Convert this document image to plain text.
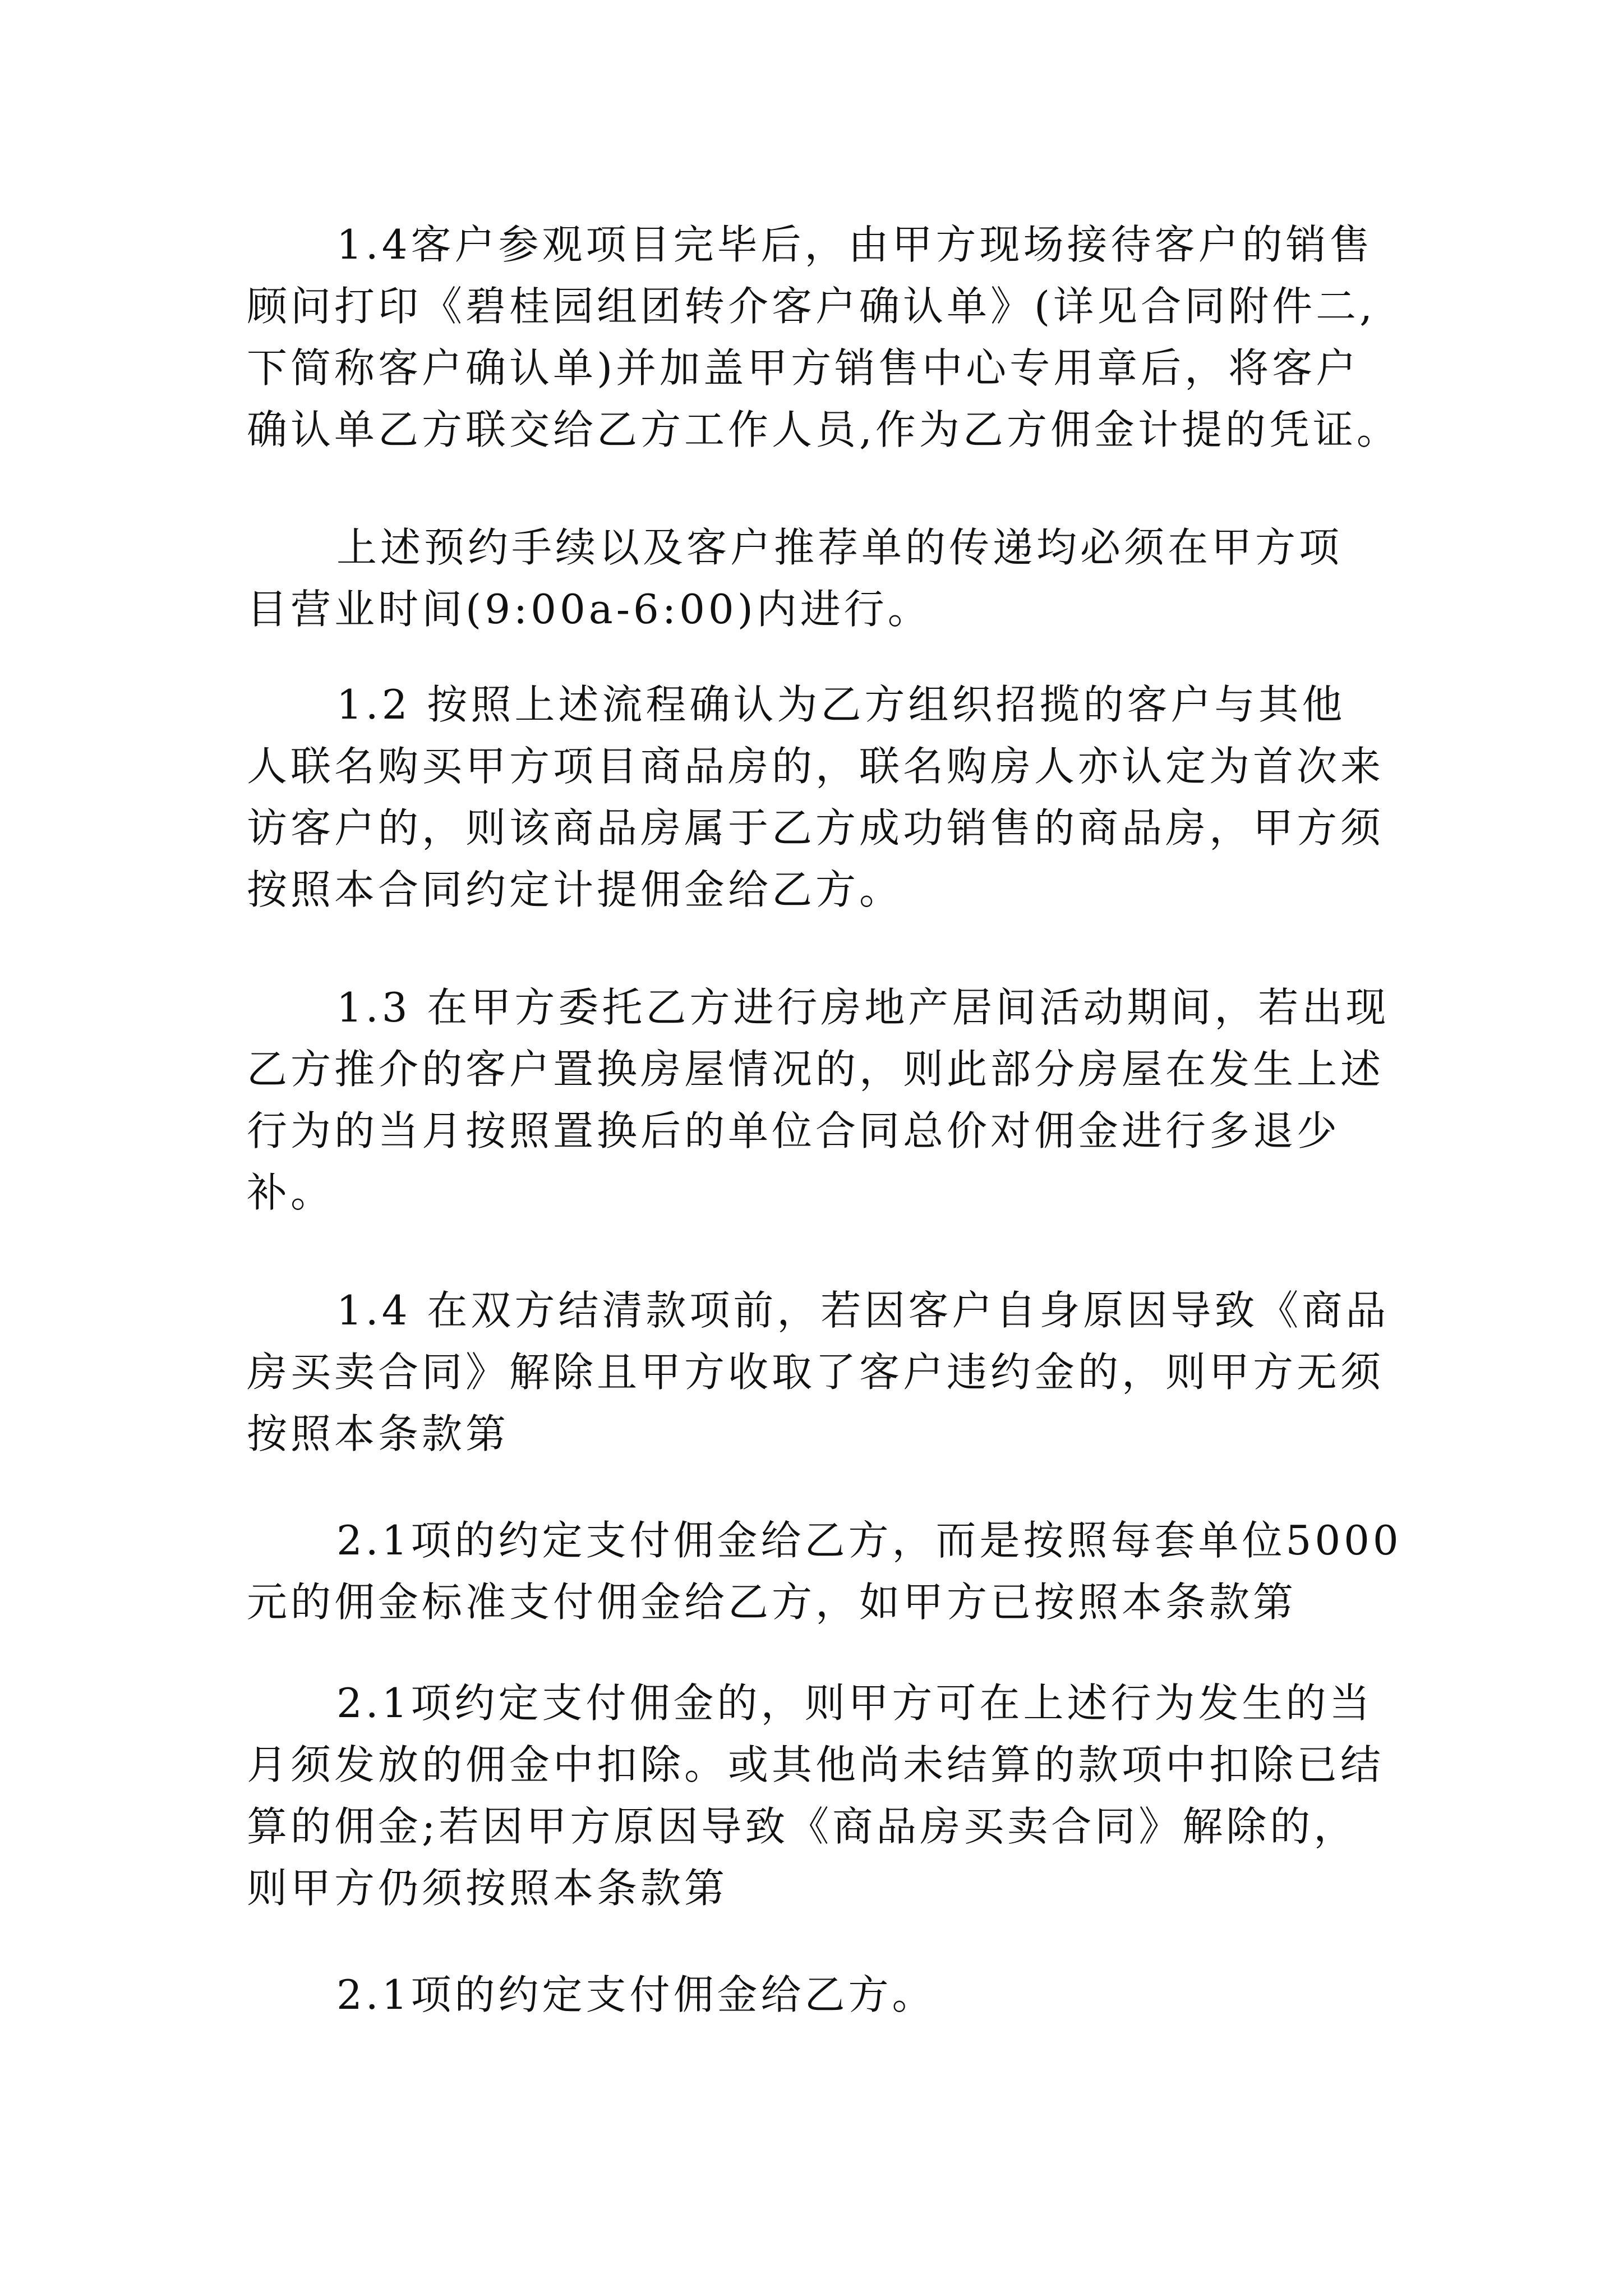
1.4客户参观项目完毕后，由甲方现场接待客户的销售
顾问打印《碧桂园组团转介客户确认单》(详见合同附件二,
下简称客户确认单)并加盖甲方销售中心专用章后，将客户
确认单乙方联交给乙方工作人员,作为乙方佣金计提的凭证。
上述预约手续以及客户推荐单的传递均必须在甲方项
目营业时间(9:00a-6:00)内进行。
1.2 按照上述流程确认为乙方组织招揽的客户与其他
人联名购买甲方项目商品房的，联名购房人亦认定为首次来
访客户的，则该商品房属于乙方成功销售的商品房，甲方须
按照本合同约定计提佣金给乙方。
1.3 在甲方委托乙方进行房地产居间活动期间，若出现
乙方推介的客户置换房屋情况的，则此部分房屋在发生上述
行为的当月按照置换后的单位合同总价对佣金进行多退少
补。
1.4 在双方结清款项前，若因客户自身原因导致《商品
房买卖合同》解除且甲方收取了客户违约金的，则甲方无须
按照本条款第
2.1项的约定支付佣金给乙方，而是按照每套单位5000
元的佣金标准支付佣金给乙方，如甲方已按照本条款第
2.1项约定支付佣金的，则甲方可在上述行为发生的当
月须发放的佣金中扣除。或其他尚未结算的款项中扣除已结
算的佣金;若因甲方原因导致《商品房买卖合同》解除的，
则甲方仍须按照本条款第
2.1项的约定支付佣金给乙方。
